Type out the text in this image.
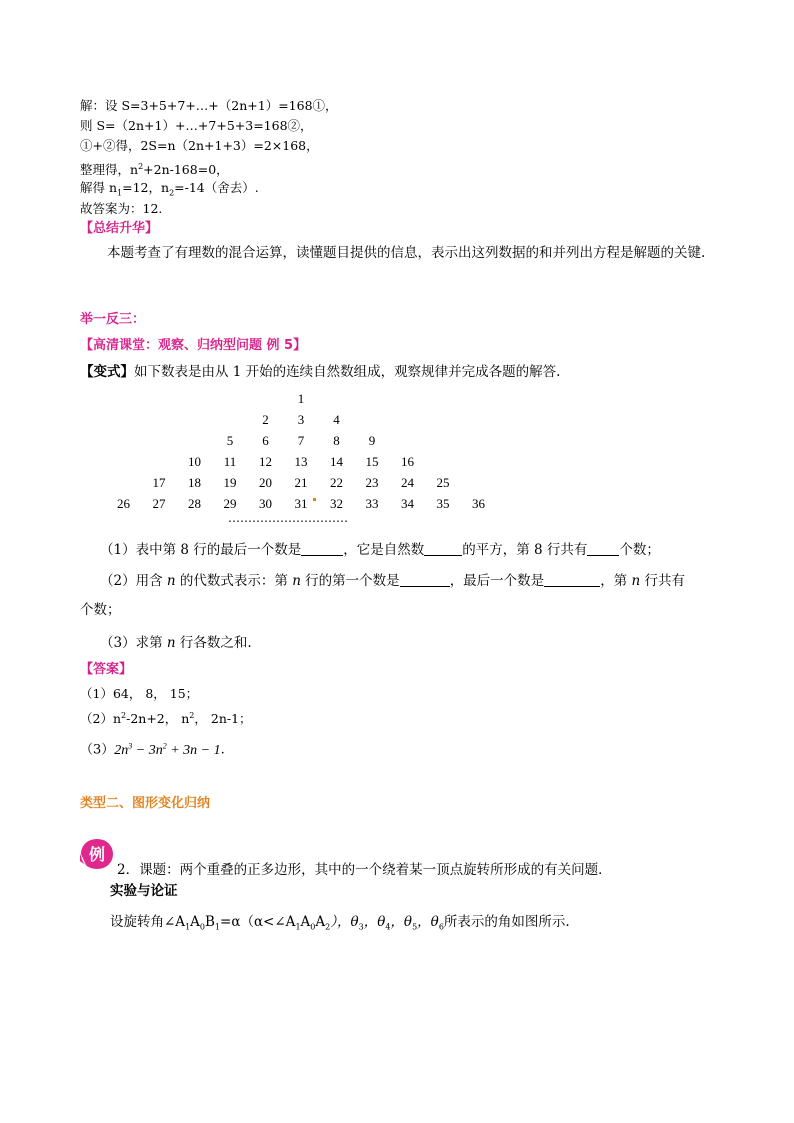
解：设 S=3+5+7+…+（2n+1）=168①，
则 S=（2n+1）+…+7+5+3=168②，
①+②得，2S=n（2n+1+3）=2×168，
整理得，$n^2+2n-168=0$，
解得 $n_1=12$，$n_2=-14$（舍去）.
故答案为：12.
【总结升华】
本题考查了有理数的混合运算，读懂题目提供的信息，表示出这列数据的和并列出方程是解题的关键.
举一反三：
【高清课堂：观察、归纳型问题 例 5】
【变式】如下数表是由从 1 开始的连续自然数组成，观察规律并完成各题的解答.
1
2 3 4
5 6 7 8 9
10 11 12 13 14 15 16
17 18 19 20 21 22 23 24 25
26 27 28 29 30 31 32 33 34 35 36
…………………………
（1）表中第 8 行的最后一个数是	，它是自然数	的平方，第 8 行共有 个数；
（2）用含 n 的代数式表示：第 n 行的第一个数是	，最后一个数是	，第 n 行共有
个数；
（3）求第 n 行各数之和.
【答案】
（1）64， 8， 15；
$(2)n^2-2n+2$， $n^2$， 2n-1；
$(3)2n^3 - 3n^2 + 3n - 1$.
类型二、图形变化归纳
例
2．课题：两个重叠的正多边形，其中的一个绕着某一顶点旋转所形成的有关问题．
实验与论证
设旋转角$\angle A_1A_0B_1=\alpha(\alpha<\angle A_1A_0A_2)$，$\theta_3$，$\theta_4$，$\theta_5$，$\theta_6$所表示的角如图所示.
